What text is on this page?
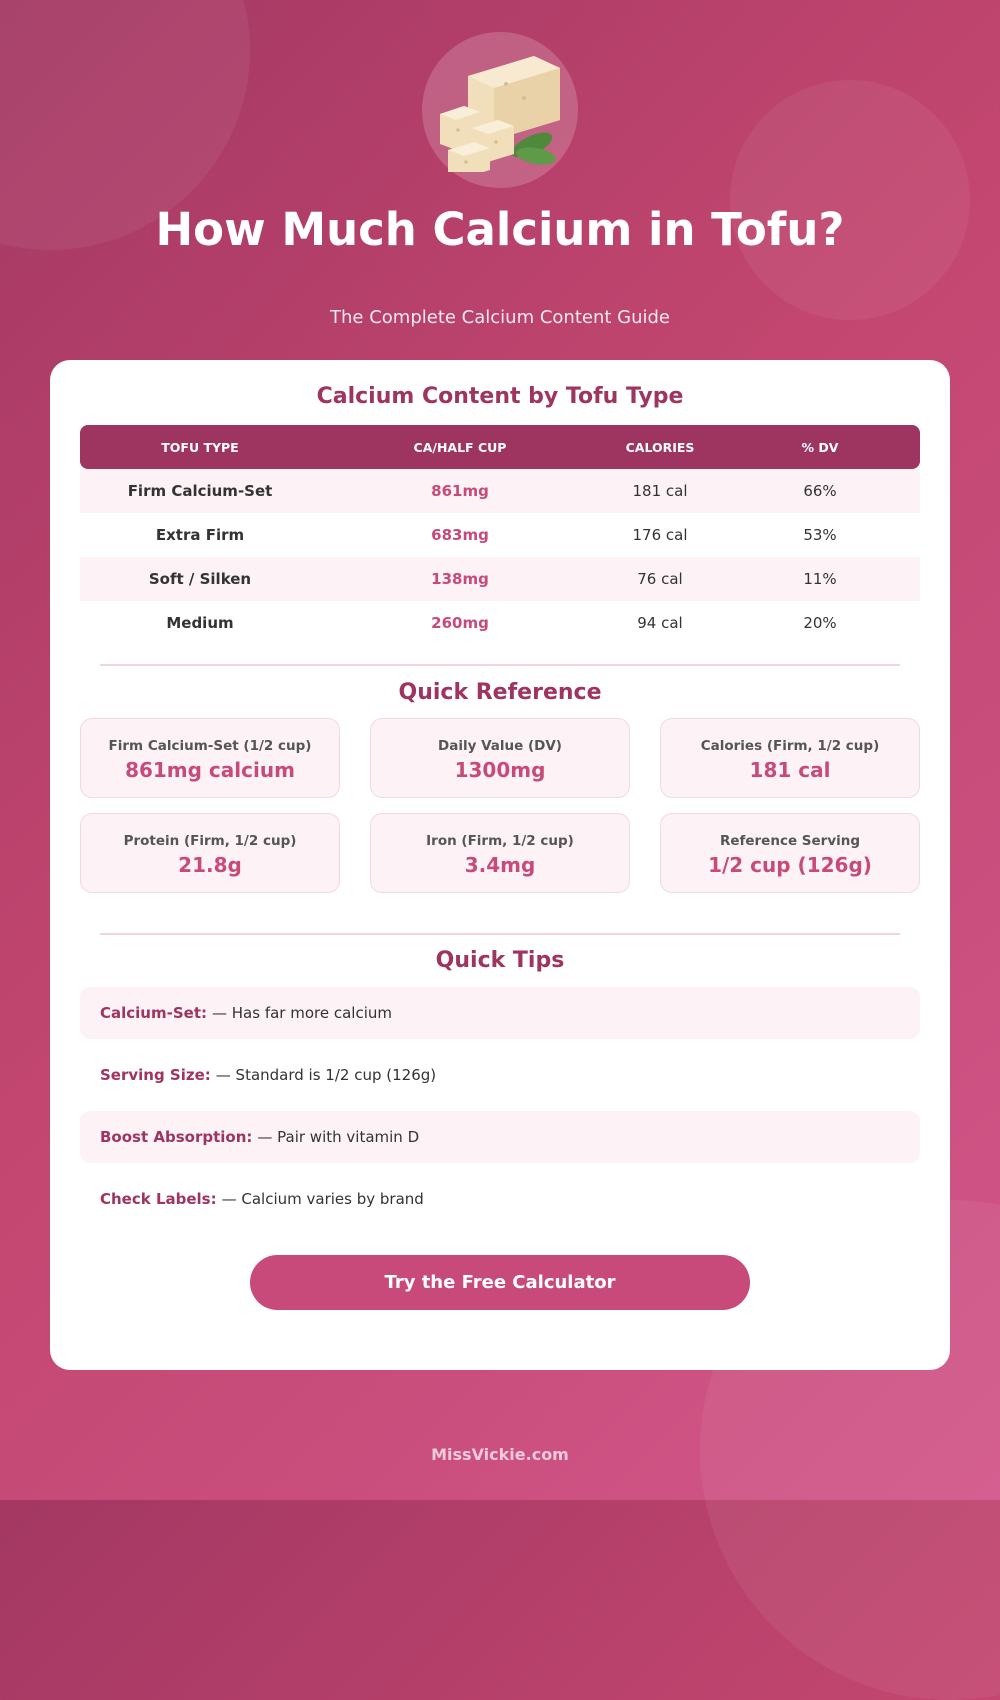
How Much Calcium in Tofu?
The Complete Calcium Content Guide
Calcium Content by Tofu Type
TOFU TYPE	CA/HALF CUP	CALORIES	% DV
Firm Calcium-Set	861mg	181 cal	66%
Extra Firm	683mg	176 cal	53%
Soft / Silken	138mg	76 cal	11%
Medium	260mg	94 cal	20%
Quick Reference
Firm Calcium-Set (1/2 cup)
861mg calcium
Daily Value (DV)
1300mg
Calories (Firm, 1/2 cup)
181 cal
Protein (Firm, 1/2 cup)
21.8g
Iron (Firm, 1/2 cup)
3.4mg
Reference Serving
1/2 cup (126g)
Quick Tips
Calcium-Set: — Has far more calcium
Serving Size: — Standard is 1/2 cup (126g)
Boost Absorption: — Pair with vitamin D
Check Labels: — Calcium varies by brand
Try the Free Calculator
MissVickie.com
